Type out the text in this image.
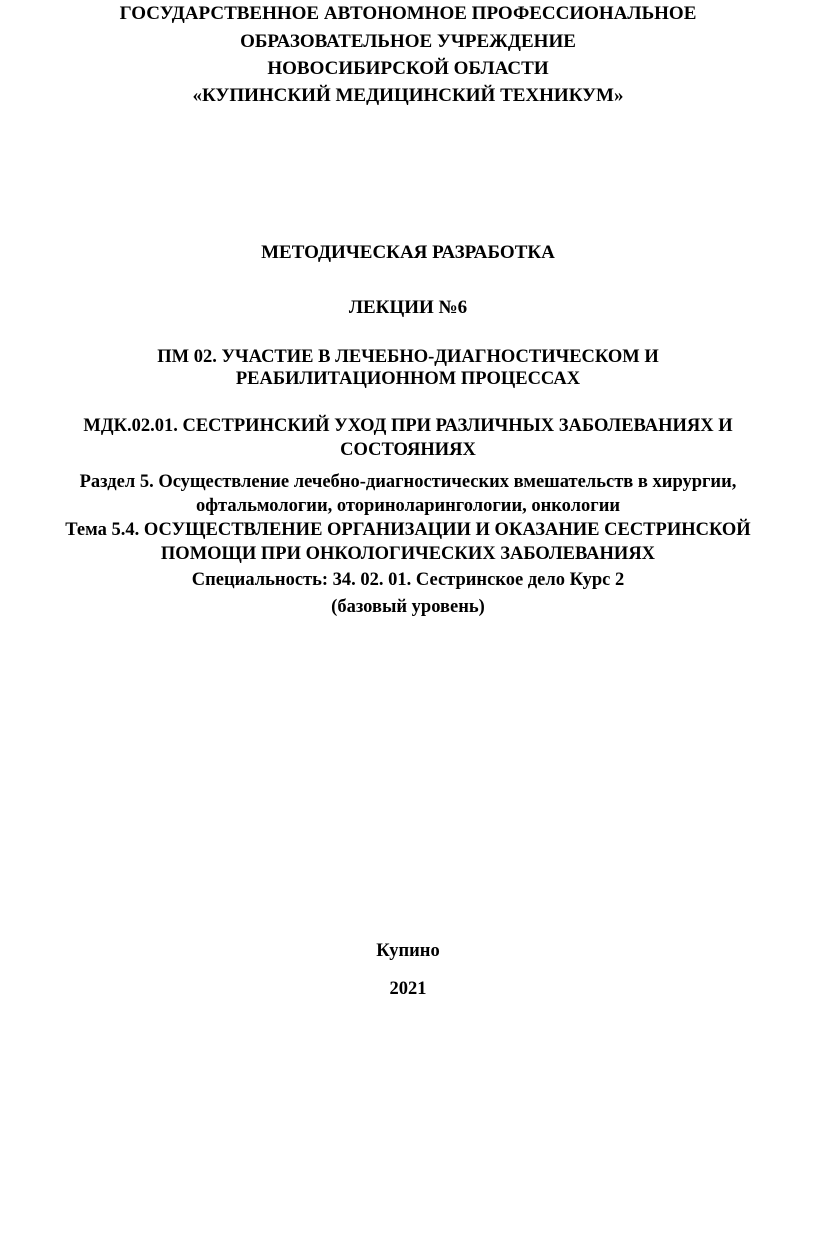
ГОСУДАРСТВЕННОЕ АВТОНОМНОЕ ПРОФЕССИОНАЛЬНОЕ
ОБРАЗОВАТЕЛЬНОЕ УЧРЕЖДЕНИЕ
НОВОСИБИРСКОЙ ОБЛАСТИ
«КУПИНСКИЙ МЕДИЦИНСКИЙ ТЕХНИКУМ»
МЕТОДИЧЕСКАЯ РАЗРАБОТКА
ЛЕКЦИИ №6
ПМ 02. УЧАСТИЕ В ЛЕЧЕБНО-ДИАГНОСТИЧЕСКОМ И
РЕАБИЛИТАЦИОННОМ ПРОЦЕССАХ
МДК.02.01. СЕСТРИНСКИЙ УХОД ПРИ РАЗЛИЧНЫХ ЗАБОЛЕВАНИЯХ И
СОСТОЯНИЯХ
Раздел 5. Осуществление лечебно-диагностических вмешательств в хирургии,
офтальмологии, оториноларингологии, онкологии
Тема 5.4. ОСУЩЕСТВЛЕНИЕ ОРГАНИЗАЦИИ И ОКАЗАНИЕ СЕСТРИНСКОЙ
ПОМОЩИ ПРИ ОНКОЛОГИЧЕСКИХ ЗАБОЛЕВАНИЯХ
Специальность: 34. 02. 01. Сестринское дело Курс 2
(базовый уровень)
Купино
2021
